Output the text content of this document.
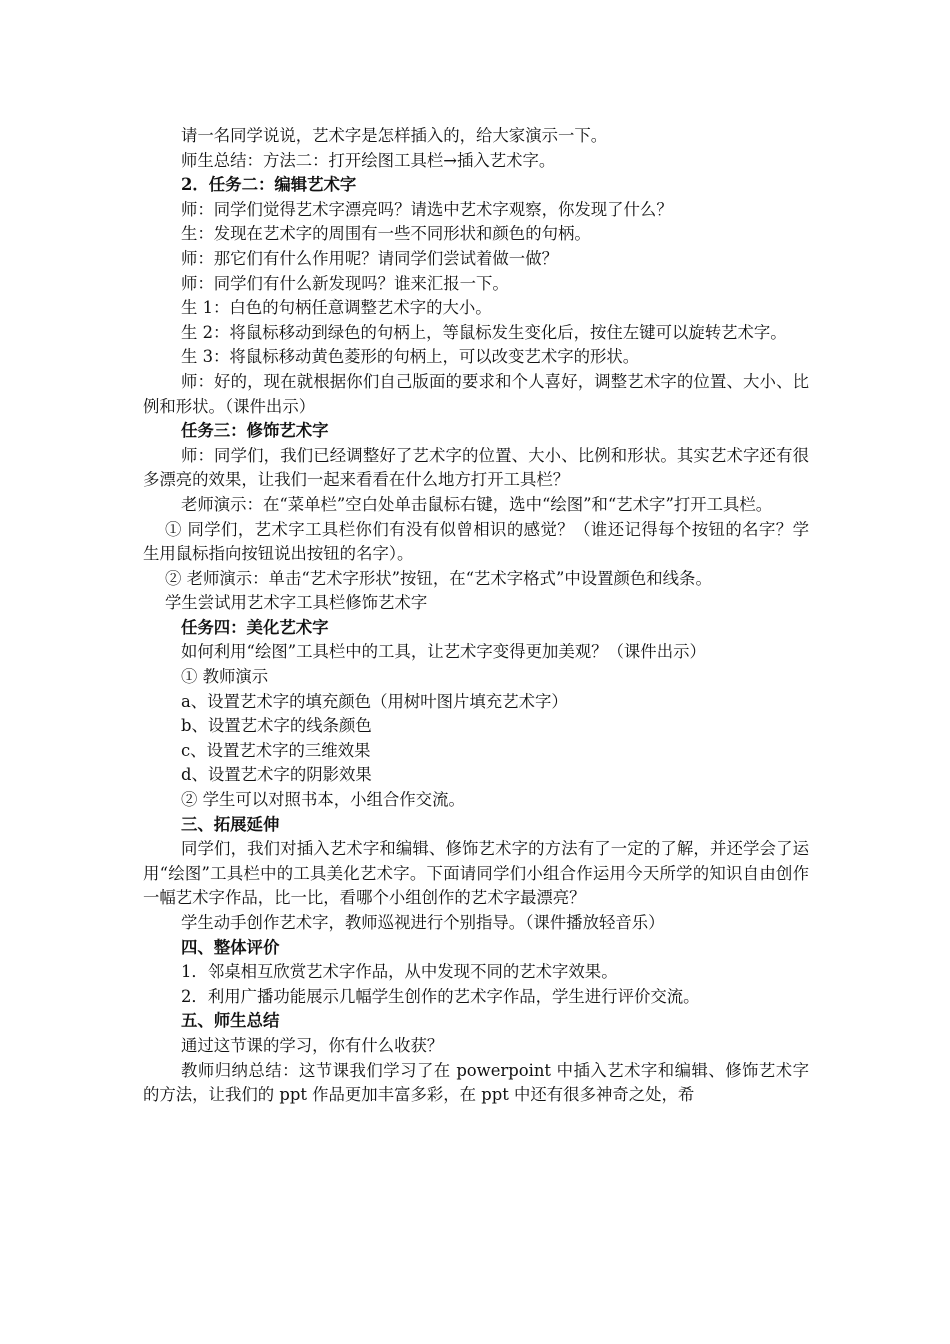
请一名同学说说，艺术字是怎样插入的，给大家演示一下。

师生总结：方法二：打开绘图工具栏→插入艺术字。

2．任务二：编辑艺术字

师：同学们觉得艺术字漂亮吗？请选中艺术字观察，你发现了什么？

生：发现在艺术字的周围有一些不同形状和颜色的句柄。

师：那它们有什么作用呢？请同学们尝试着做一做？

师：同学们有什么新发现吗？谁来汇报一下。

生 1：白色的句柄任意调整艺术字的大小。

生 2：将鼠标移动到绿色的句柄上，等鼠标发生变化后，按住左键可以旋转艺术字。

生 3：将鼠标移动黄色菱形的句柄上，可以改变艺术字的形状。

师：好的，现在就根据你们自己版面的要求和个人喜好，调整艺术字的位置、大小、比例和形状。（课件出示）

任务三：修饰艺术字

师：同学们，我们已经调整好了艺术字的位置、大小、比例和形状。其实艺术字还有很多漂亮的效果，让我们一起来看看在什么地方打开工具栏？

老师演示：在“菜单栏”空白处单击鼠标右键，选中“绘图”和“艺术字”打开工具栏。

① 同学们，艺术字工具栏你们有没有似曾相识的感觉？（谁还记得每个按钮的名字？学生用鼠标指向按钮说出按钮的名字）。

② 老师演示：单击“艺术字形状”按钮，在“艺术字格式”中设置颜色和线条。

学生尝试用艺术字工具栏修饰艺术字

任务四：美化艺术字

如何利用“绘图”工具栏中的工具，让艺术字变得更加美观？（课件出示）

① 教师演示

a、设置艺术字的填充颜色（用树叶图片填充艺术字）

b、设置艺术字的线条颜色

c、设置艺术字的三维效果

d、设置艺术字的阴影效果

② 学生可以对照书本，小组合作交流。

三、拓展延伸

同学们，我们对插入艺术字和编辑、修饰艺术字的方法有了一定的了解，并还学会了运用“绘图”工具栏中的工具美化艺术字。下面请同学们小组合作运用今天所学的知识自由创作一幅艺术字作品，比一比，看哪个小组创作的艺术字最漂亮？

学生动手创作艺术字，教师巡视进行个别指导。（课件播放轻音乐）

四、整体评价

1．邻桌相互欣赏艺术字作品，从中发现不同的艺术字效果。

2．利用广播功能展示几幅学生创作的艺术字作品，学生进行评价交流。

五、师生总结

通过这节课的学习，你有什么收获？

教师归纳总结：这节课我们学习了在 powerpoint 中插入艺术字和编辑、修饰艺术字的方法，让我们的 ppt 作品更加丰富多彩，在 ppt 中还有很多神奇之处，希
